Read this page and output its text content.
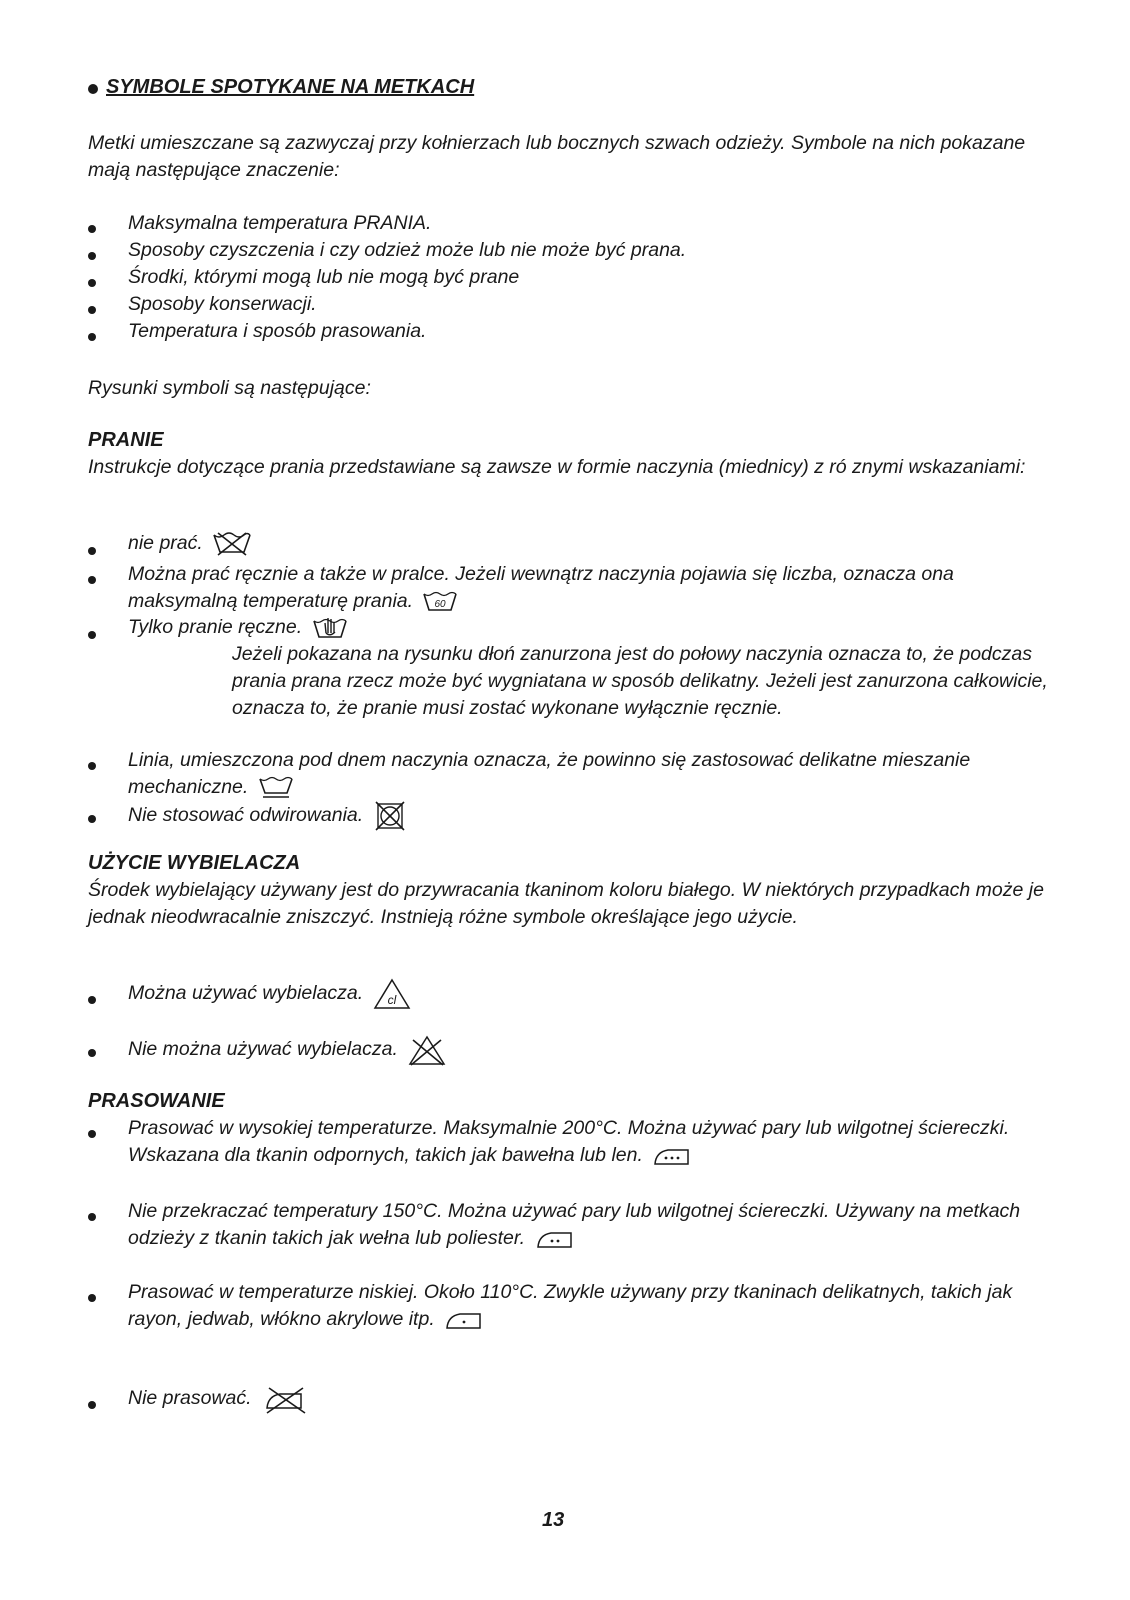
SYMBOLE SPOTYKANE NA METKACH
Metki umieszczane są zazwyczaj przy kołnierzach lub bocznych szwach odzieży. Symbole na nich pokazane mają następujące znaczenie:
Maksymalna temperatura PRANIA.
Sposoby czyszczenia i czy odzież może lub nie może być prana.
Środki, którymi mogą lub nie mogą być prane
Sposoby konserwacji.
Temperatura i sposób prasowania.
Rysunki symboli są następujące:
PRANIE
Instrukcje dotyczące prania przedstawiane są zawsze w formie naczynia (miednicy) z ró znymi wskazaniami:
nie prać.
Można prać ręcznie a także w pralce. Jeżeli wewnątrz naczynia pojawia się liczba, oznacza ona maksymalną temperaturę prania. 60
Tylko pranie ręczne.
Jeżeli pokazana na rysunku dłoń zanurzona jest do połowy naczynia oznacza to, że podczas prania prana rzecz może być wygniatana w sposób delikatny. Jeżeli jest zanurzona całkowicie, oznacza to, że pranie musi zostać wykonane wyłącznie ręcznie.
Linia, umieszczona pod dnem naczynia oznacza, że powinno się zastosować delikatne mieszanie mechaniczne.
Nie stosować odwirowania.
UŻYCIE WYBIELACZA
Środek wybielający używany jest do przywracania tkaninom koloru białego. W niektórych przypadkach może je jednak nieodwracalnie zniszczyć. Instnieją różne symbole określające jego użycie.
Można używać wybielacza. cl
Nie można używać wybielacza.
PRASOWANIE
Prasować w wysokiej temperaturze. Maksymalnie 200°C. Można używać pary lub wilgotnej ściereczki. Wskazana dla tkanin odpornych, takich jak bawełna lub len.
Nie przekraczać temperatury 150°C. Można używać pary lub wilgotnej ściereczki. Używany na metkach odzieży z tkanin takich jak wełna lub poliester.
Prasować w temperaturze niskiej. Około 110°C. Zwykle używany przy tkaninach delikatnych, takich jak rayon, jedwab, włókno akrylowe itp.
Nie prasować.
13
